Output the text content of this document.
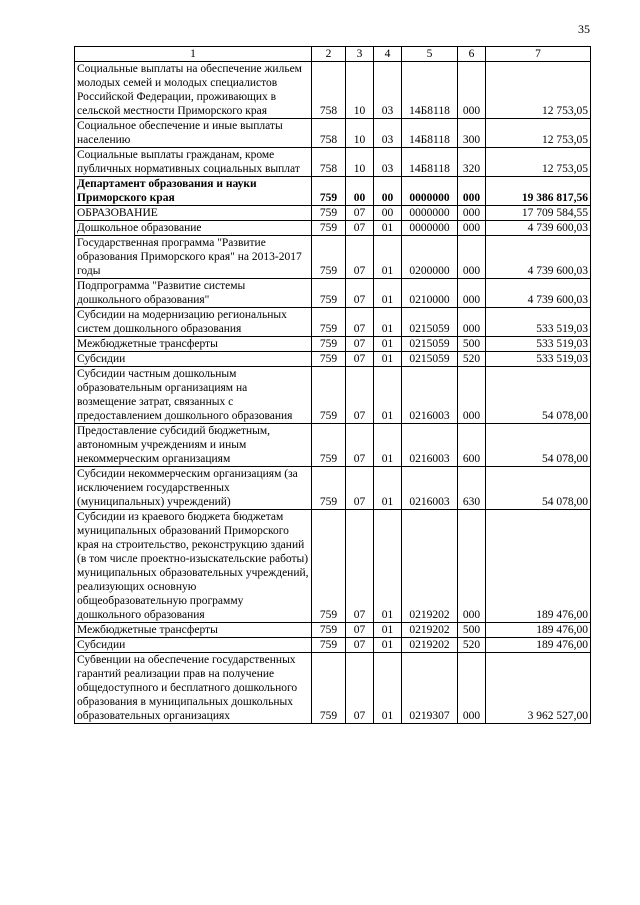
35
1	2	3	4	5	6	7
Социальные выплаты на обеспечение жильем молодых семей и молодых специалистов Российской Федерации, проживающих в сельской местности Приморского края	758	10	03	14Б8118	000	12 753,05
Социальное обеспечение и иные выплаты населению	758	10	03	14Б8118	300	12 753,05
Социальные выплаты гражданам, кроме публичных нормативных социальных выплат	758	10	03	14Б8118	320	12 753,05
Департамент образования и науки Приморского края	759	00	00	0000000	000	19 386 817,56
ОБРАЗОВАНИЕ	759	07	00	0000000	000	17 709 584,55
Дошкольное образование	759	07	01	0000000	000	4 739 600,03
Государственная программа "Развитие образования Приморского края" на 2013-2017 годы	759	07	01	0200000	000	4 739 600,03
Подпрограмма "Развитие системы дошкольного образования"	759	07	01	0210000	000	4 739 600,03
Субсидии на модернизацию региональных систем дошкольного образования	759	07	01	0215059	000	533 519,03
Межбюджетные трансферты	759	07	01	0215059	500	533 519,03
Субсидии	759	07	01	0215059	520	533 519,03
Субсидии частным дошкольным образовательным организациям на возмещение затрат, связанных с предоставлением дошкольного образования	759	07	01	0216003	000	54 078,00
Предоставление субсидий бюджетным, автономным учреждениям и иным некоммерческим организациям	759	07	01	0216003	600	54 078,00
Субсидии некоммерческим организациям (за исключением государственных (муниципальных) учреждений)	759	07	01	0216003	630	54 078,00
Субсидии из краевого бюджета бюджетам муниципальных образований Приморского края на строительство, реконструкцию зданий (в том числе проектно-изыскательские работы) муниципальных образовательных учреждений, реализующих основную общеобразовательную программу дошкольного образования	759	07	01	0219202	000	189 476,00
Межбюджетные трансферты	759	07	01	0219202	500	189 476,00
Субсидии	759	07	01	0219202	520	189 476,00
Субвенции на обеспечение государственных гарантий реализации прав на получение общедоступного и бесплатного дошкольного образования в муниципальных дошкольных образовательных организациях	759	07	01	0219307	000	3 962 527,00
